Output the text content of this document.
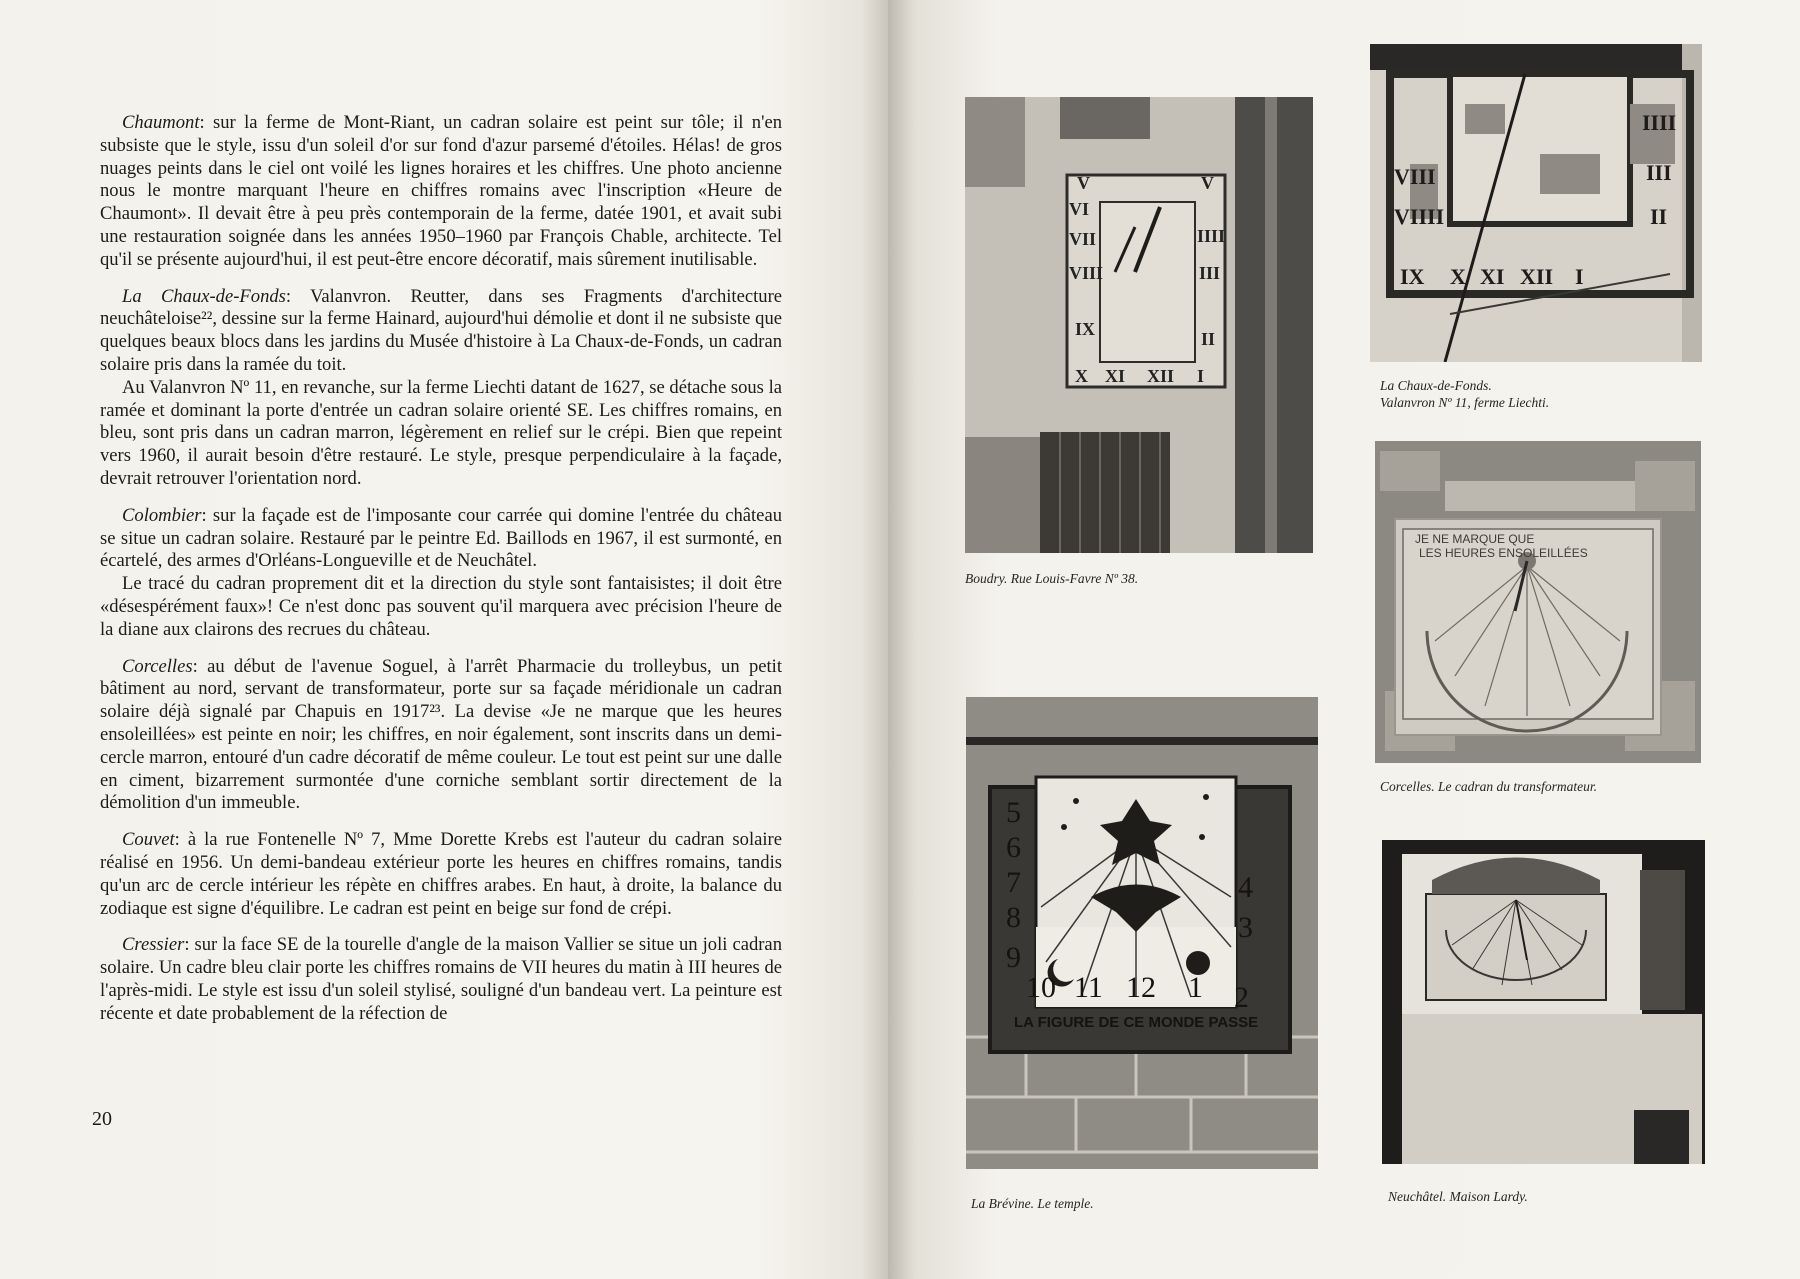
Chaumont: sur la ferme de Mont-Riant, un cadran solaire est peint sur tôle; il n'en subsiste que le style, issu d'un soleil d'or sur fond d'azur parsemé d'étoiles. Hélas! de gros nuages peints dans le ciel ont voilé les lignes horaires et les chiffres. Une photo ancienne nous le montre marquant l'heure en chiffres romains avec l'inscription «Heure de Chaumont». Il devait être à peu près contemporain de la ferme, datée 1901, et avait subi une restauration soignée dans les années 1950–1960 par François Chable, architecte. Tel qu'il se présente aujourd'hui, il est peut-être encore décoratif, mais sûrement inutilisable.

La Chaux-de-Fonds: Valanvron. Reutter, dans ses Fragments d'architecture neuchâteloise²², dessine sur la ferme Hainard, aujourd'hui démolie et dont il ne subsiste que quelques beaux blocs dans les jardins du Musée d'histoire à La Chaux-de-Fonds, un cadran solaire pris dans la ramée du toit.

Au Valanvron Nº 11, en revanche, sur la ferme Liechti datant de 1627, se détache sous la ramée et dominant la porte d'entrée un cadran solaire orienté SE. Les chiffres romains, en bleu, sont pris dans un cadran marron, légèrement en relief sur le crépi. Bien que repeint vers 1960, il aurait besoin d'être restauré. Le style, presque perpendiculaire à la façade, devrait retrouver l'orientation nord.

Colombier: sur la façade est de l'imposante cour carrée qui domine l'entrée du château se situe un cadran solaire. Restauré par le peintre Ed. Baillods en 1967, il est surmonté, en écartelé, des armes d'Orléans-Longueville et de Neuchâtel.

Le tracé du cadran proprement dit et la direction du style sont fantaisistes; il doit être «désespérément faux»! Ce n'est donc pas souvent qu'il marquera avec précision l'heure de la diane aux clairons des recrues du château.

Corcelles: au début de l'avenue Soguel, à l'arrêt Pharmacie du trolleybus, un petit bâtiment au nord, servant de transformateur, porte sur sa façade méridionale un cadran solaire déjà signalé par Chapuis en 1917²³. La devise «Je ne marque que les heures ensoleillées» est peinte en noir; les chiffres, en noir également, sont inscrits dans un demi-cercle marron, entouré d'un cadre décoratif de même couleur. Le tout est peint sur une dalle en ciment, bizarrement surmontée d'une corniche semblant sortir directement de la démolition d'un immeuble.

Couvet: à la rue Fontenelle Nº 7, Mme Dorette Krebs est l'auteur du cadran solaire réalisé en 1956. Un demi-bandeau extérieur porte les heures en chiffres romains, tandis qu'un arc de cercle intérieur les répète en chiffres arabes. En haut, à droite, la balance du zodiaque est signe d'équilibre. Le cadran est peint en beige sur fond de crépi.

Cressier: sur la face SE de la tourelle d'angle de la maison Vallier se situe un joli cadran solaire. Un cadre bleu clair porte les chiffres romains de VII heures du matin à III heures de l'après-midi. Le style est issu d'un soleil stylisé, souligné d'un bandeau vert. La peinture est récente et date probablement de la réfection de

20
V	V
VI
VII
VIII
IX
IIII
III
II
X XI XII I
Boudry. Rue Louis-Favre Nº 38.
VIII
VIIII
IIII
III
II
IX X XI XII I
La Chaux-de-Fonds.
Valanvron Nº 11, ferme Liechti.
JE NE MARQUE QUE
LES HEURES ENSOLEILLÉES
Corcelles. Le cadran du transformateur.
5
6
7
8
9
4
3
10 11 12 1 2
LA FIGURE DE CE MONDE PASSE
La Brévine. Le temple.	Neuchâtel. Maison Lardy.
